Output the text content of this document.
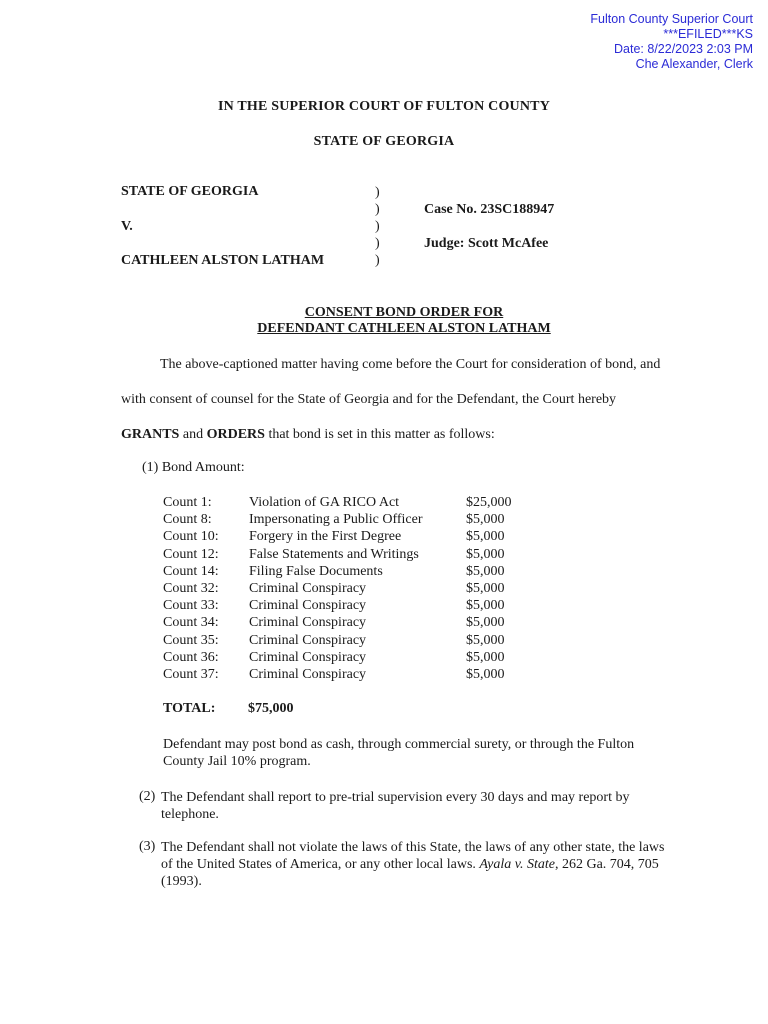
Fulton County Superior Court
***EFILED***KS
Date: 8/22/2023 2:03 PM
Che Alexander, Clerk
IN THE SUPERIOR COURT OF FULTON COUNTY
STATE OF GEORGIA
STATE OF GEORGIA
V.
CATHLEEN ALSTON LATHAM
)
)
)
)
)
Case No. 23SC188947
Judge: Scott McAfee
CONSENT BOND ORDER FOR
DEFENDANT CATHLEEN ALSTON LATHAM
The above-captioned matter having come before the Court for consideration of bond, and
with consent of counsel for the State of Georgia and for the Defendant, the Court hereby
GRANTS and ORDERS that bond is set in this matter as follows:
(1) Bond Amount:
Count 1:	Violation of GA RICO Act	$25,000
Count 8:	Impersonating a Public Officer	$5,000
Count 10: Forgery in the First Degree	$5,000
Count 12: False Statements and Writings	$5,000
Count 14: Filing False Documents	$5,000
Count 32: Criminal Conspiracy	$5,000
Count 33: Criminal Conspiracy	$5,000
Count 34: Criminal Conspiracy	$5,000
Count 35: Criminal Conspiracy	$5,000
Count 36: Criminal Conspiracy	$5,000
Count 37: Criminal Conspiracy	$5,000
TOTAL: $75,000
Defendant may post bond as cash, through commercial surety, or through the Fulton
County Jail 10% program.
(2) The Defendant shall report to pre-trial supervision every 30 days and may report by
telephone.
(3) The Defendant shall not violate the laws of this State, the laws of any other state, the laws
of the United States of America, or any other local laws. Ayala v. State, 262 Ga. 704, 705
(1993).
